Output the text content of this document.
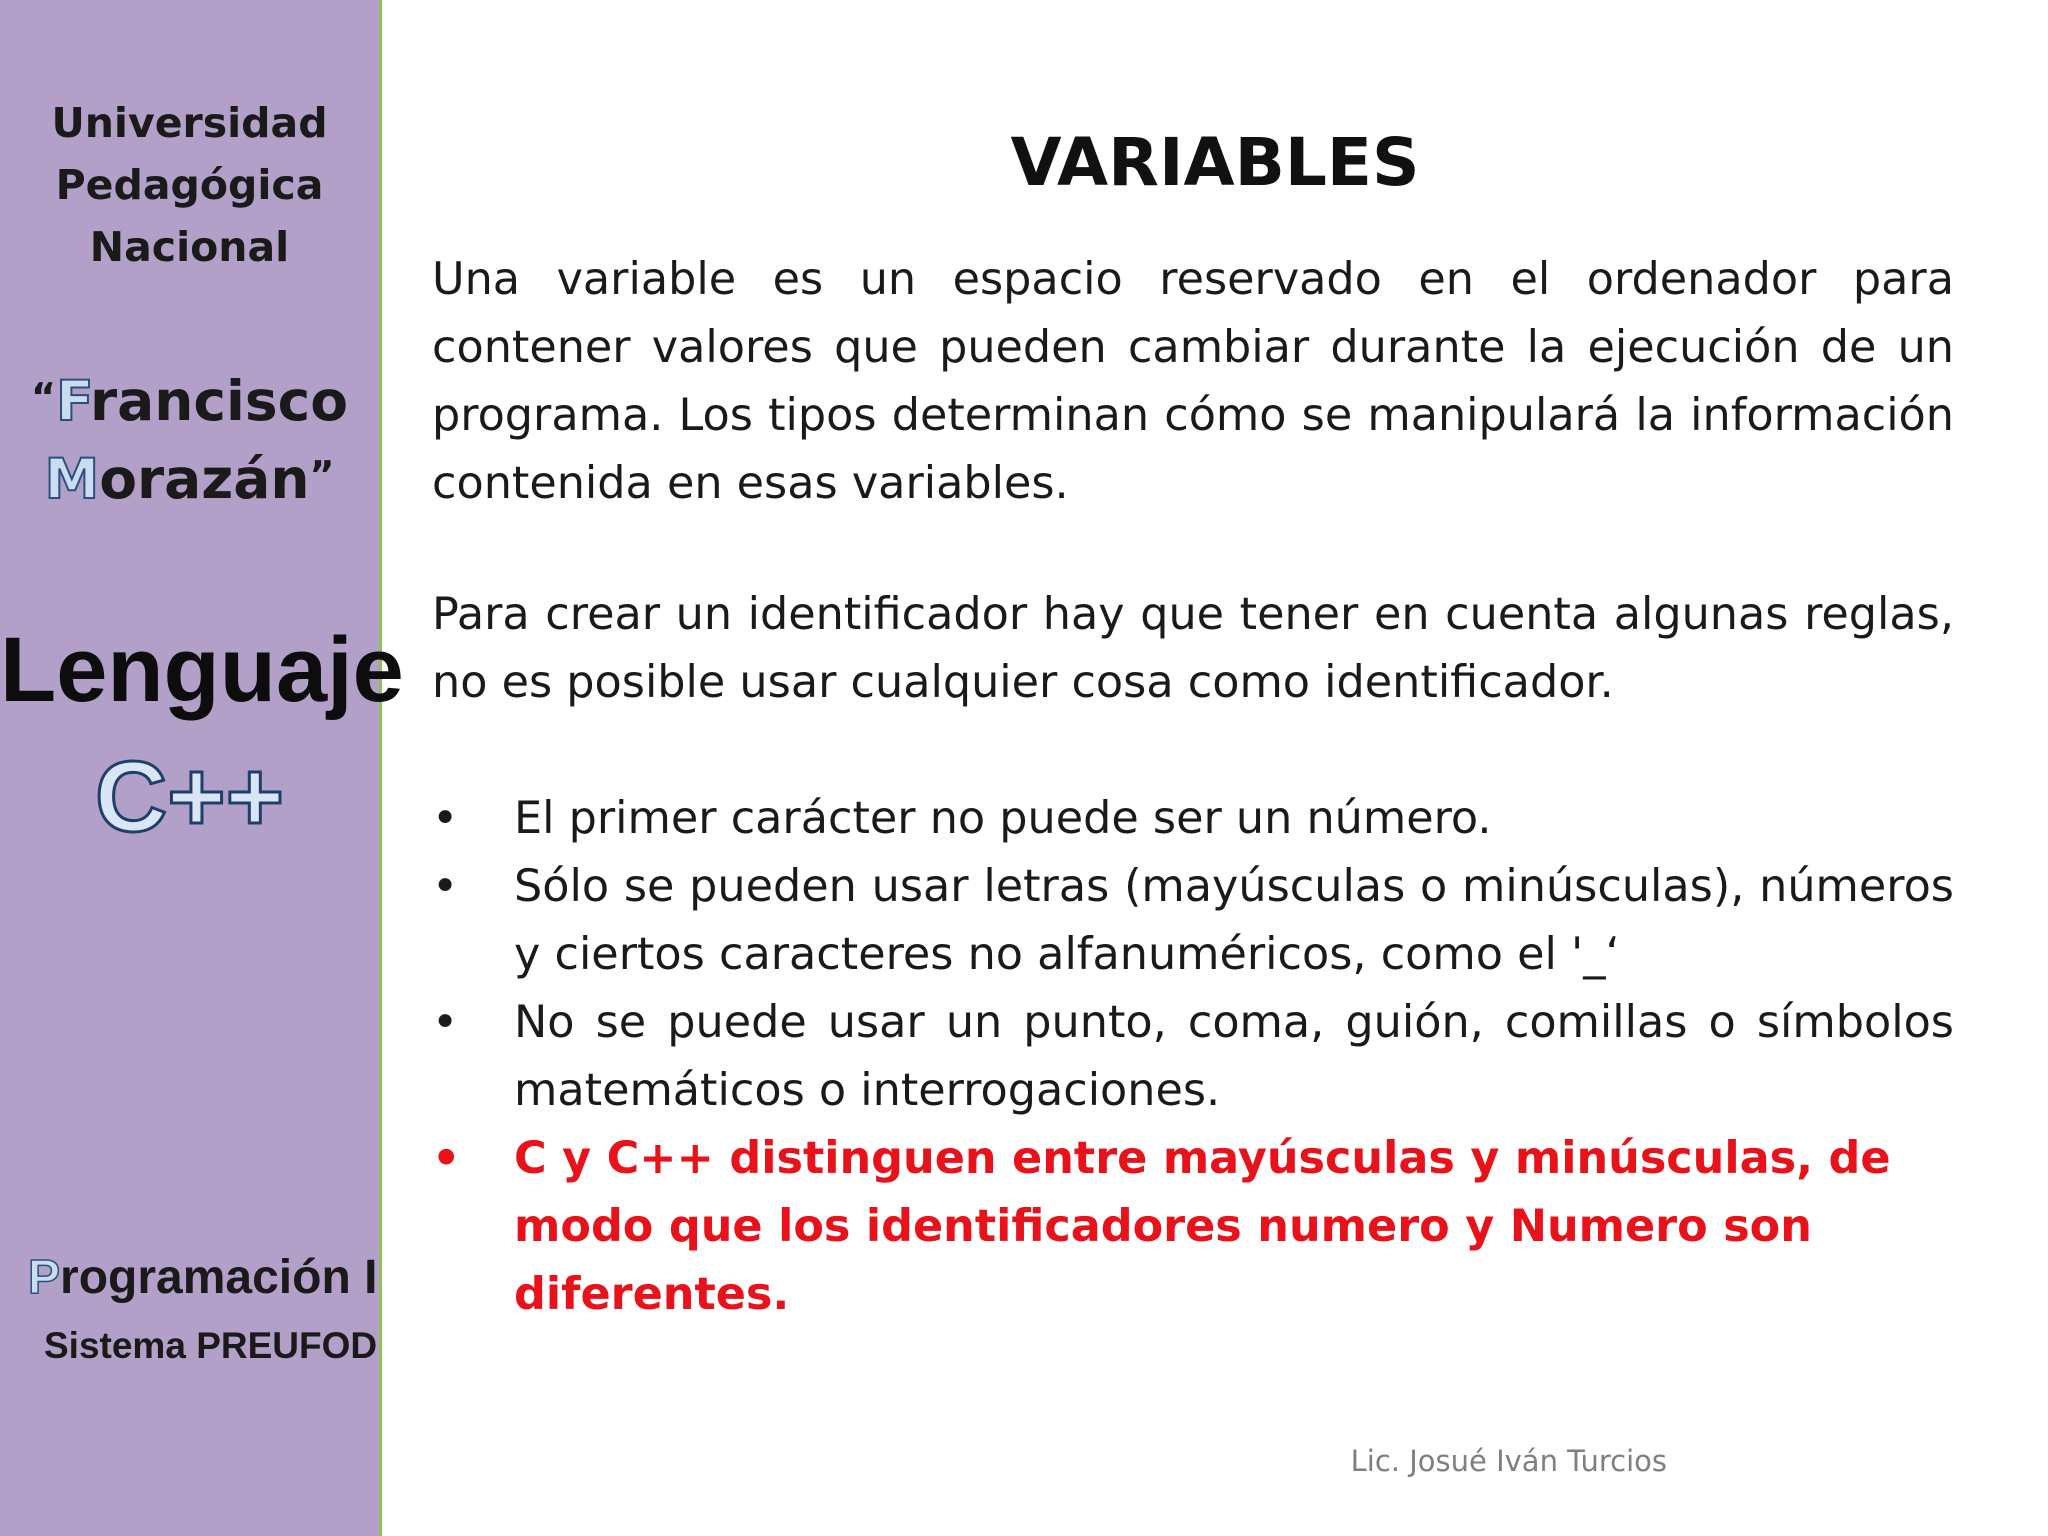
Universidad
Pedagógica
Nacional
“Francisco
Morazán”
Lenguaje
C++
Programación I
Sistema PREUFOD
VARIABLES
Una variable es un espacio reservado en el ordenador para contener valores que pueden cambiar durante la ejecución de un programa. Los tipos determinan cómo se manipulará la información contenida en esas variables.
Para crear un identificador hay que tener en cuenta algunas reglas, no es posible usar cualquier cosa como identificador.
• El primer carácter no puede ser un número.
• Sólo se pueden usar letras (mayúsculas o minúsculas), números y ciertos caracteres no alfanuméricos, como el '_‘
• No se puede usar un punto, coma, guión, comillas o símbolos matemáticos o interrogaciones.
• C y C++ distinguen entre mayúsculas y minúsculas, de modo que los identificadores numero y Numero son diferentes.
Lic. Josué Iván Turcios
